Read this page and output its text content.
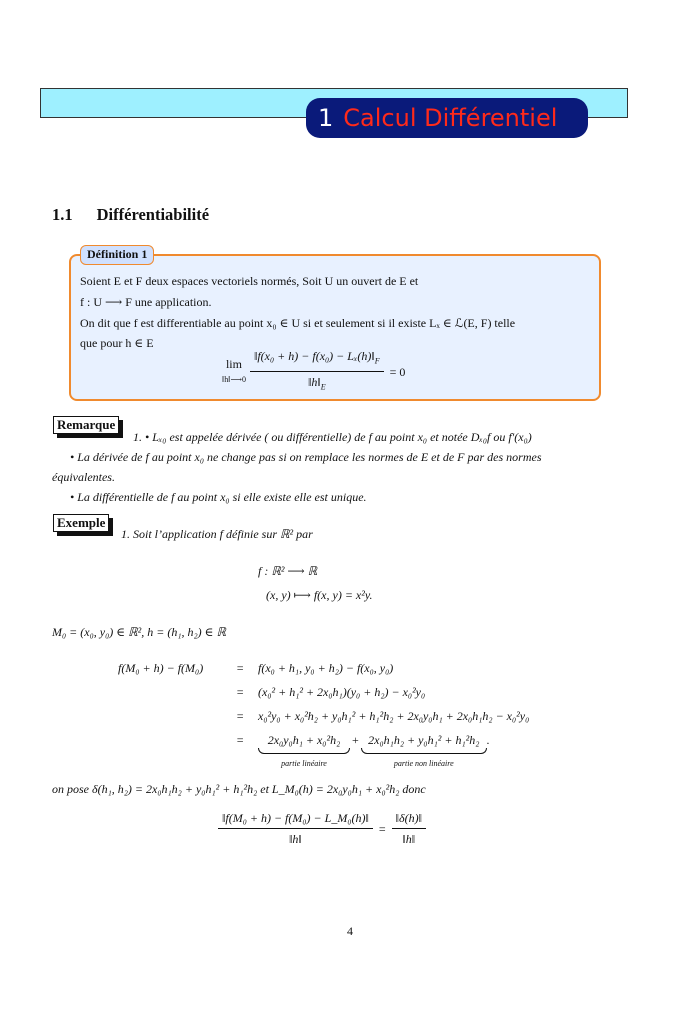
1 Calcul Différentiel
1.1 Différentiabilité
Définition 1
Soient E et F deux espaces vectoriels normés, Soit U un ouvert de E et
f : U ⟶ F une application.
On dit que f est differentiable au point x₀ ∈ U si et seulement si il existe Lₓ ∈ ℒ(E, F) telle
que pour h ∈ E
lim
‖h‖⟶0 $\frac{‖f(x_0 + h) - f(x_0) - L_x(h)‖_F}{‖h‖_E} = 0$
Remarque
1. • Lₓ₀ est appelée dérivée ( ou différentielle) de f au point x₀ et notée Dₓ₀f ou f′(x₀)
• La dérivée de f au point x₀ ne change pas si on remplace les normes de E et de F par des normes
équivalentes.
• La différentielle de f au point x₀ si elle existe elle est unique.
Exemple
1. Soit l’application f définie sur ℝ² par
f : ℝ² ⟶ ℝ
(x, y) ⟼ f(x, y) = x²y.
M₀ = (x₀, y₀) ∈ ℝ², h = (h₁, h₂) ∈ ℝ
f(M₀ + h) − f(M₀)	= f(x₀ + h₁, y₀ + h₂) − f(x₀, y₀)
= (x₀² + h₁² + 2x₀h₁)(y₀ + h₂) − x₀²y₀
= x₀²y₀ + x₀²h₂ + y₀h₁² + h₁²h₂ + 2x₀y₀h₁ + 2x₀h₁h₂ − x₀²y₀
= 2x₀y₀h₁ + x₀²h₂
partie linéaire
+ 2x₀h₁h₂ + y₀h₁² + h₁²h₂
partie non linéaire
.
on pose δ(h₁, h₂) = 2x₀h₁h₂ + y₀h₁² + h₁²h₂ et L_M₀(h) = 2x₀y₀h₁ + x₀²h₂ donc
$\frac{\text{‖f(M₀ + h) − f(M₀) − L\_M₀(h)‖}}{‖h‖} = \frac{‖\delta(h)‖}{‖h‖}$
4
